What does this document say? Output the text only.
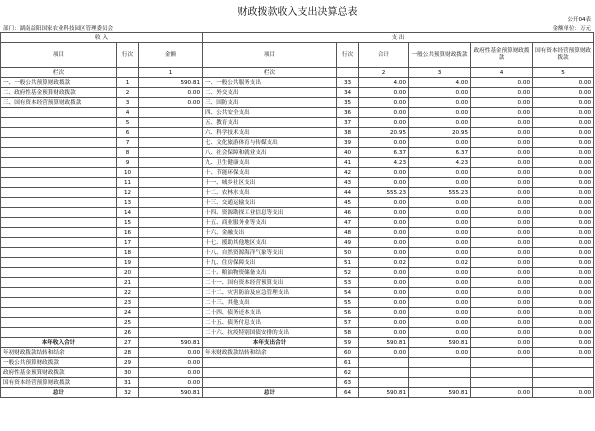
财政拨款收入支出决算总表
公开04表
部门：湖南益阳国家农业科技园区管理委员会	金额单位：万元
收 入			支 出					
项目	行次	金额	项目	行次	合计	一般公共预算财政拨款	政府性基金预算财政拨款	国有资本经营预算财政拨款
栏次		1	栏次		2	3	4	5
一、一般公共预算财政拨款	1	590.81	一、一般公共服务支出	33	4.00	4.00	0.00	0.00
二、政府性基金预算财政拨款	2	0.00	二、外交支出	34	0.00	0.00	0.00	0.00
三、国有资本经营预算财政拨款	3	0.00	三、国防支出	35	0.00	0.00	0.00	0.00
	4		四、公共安全支出	36	0.00	0.00	0.00	0.00
	5		五、教育支出	37	0.00	0.00	0.00	0.00
	6		六、科学技术支出	38	20.95	20.95	0.00	0.00
	7		七、文化旅游体育与传媒支出	39	0.00	0.00	0.00	0.00
	8		八、社会保障和就业支出	40	6.37	6.37	0.00	0.00
	9		九、卫生健康支出	41	4.23	4.23	0.00	0.00
	10		十、节能环保支出	42	0.00	0.00	0.00	0.00
	11		十一、城乡社区支出	43	0.00	0.00	0.00	0.00
	12		十二、农林水支出	44	555.23	555.23	0.00	0.00
	13		十三、交通运输支出	45	0.00	0.00	0.00	0.00
	14		十四、资源勘探工业信息等支出	46	0.00	0.00	0.00	0.00
	15		十五、商业服务业等支出	47	0.00	0.00	0.00	0.00
	16		十六、金融支出	48	0.00	0.00	0.00	0.00
	17		十七、援助其他地区支出	49	0.00	0.00	0.00	0.00
	18		十八、自然资源海洋气象等支出	50	0.00	0.00	0.00	0.00
	19		十九、住房保障支出	51	0.02	0.02	0.00	0.00
	20		二十、粮油物资储备支出	52	0.00	0.00	0.00	0.00
	21		二十一、国有资本经营预算支出	53	0.00	0.00	0.00	0.00
	22		二十二、灾害防治及应急管理支出	54	0.00	0.00	0.00	0.00
	23		二十三、其他支出	55	0.00	0.00	0.00	0.00
	24		二十四、债务还本支出	56	0.00	0.00	0.00	0.00
	25		二十五、债务付息支出	57	0.00	0.00	0.00	0.00
	26		二十六、抗疫特别国债安排的支出	58	0.00	0.00	0.00	0.00
本年收入合计	27	590.81	本年支出合计	59	590.81	590.81	0.00	0.00
年初财政拨款结转和结余	28	0.00	年末财政拨款结转和结余	60	0.00	0.00	0.00	0.00
一般公共预算财政拨款	29	0.00		61				
政府性基金预算财政拨款	30	0.00		62				
国有资本经营预算财政拨款	31	0.00		63				
总计	32	590.81	总计	64	590.81	590.81	0.00	0.00
